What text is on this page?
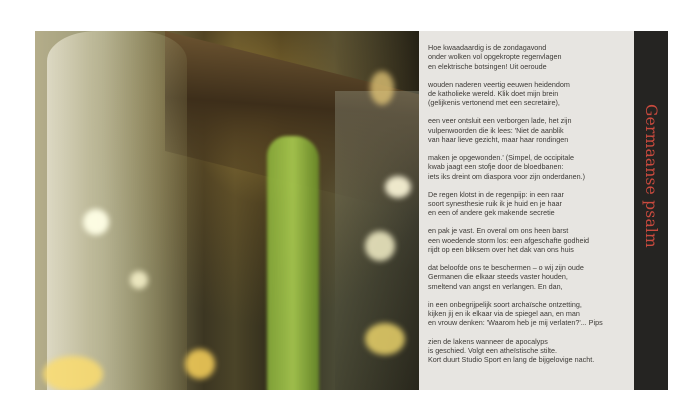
Hoe kwaadaardig is de zondagavond
onder wolken vol opgekropte regenvlagen
en elektrische botsingen! Uit oeroude
wouden naderen veertig eeuwen heidendom
de katholieke wereld. Klik doet mijn brein
(gelijkenis vertonend met een secretaire),
een veer ontsluit een verborgen lade, het zijn
vulpenwoorden die ik lees: 'Niet de aanblik
van haar lieve gezicht, maar haar rondingen
maken je opgewonden.' (Simpel, de occipitale
kwab jaagt een stofje door de bloedbanen:
iets iks dreint om diaspora voor zijn onderdanen.)
De regen klotst in de regenpijp: in een raar
soort synesthesie ruik ik je huid en je haar
en een of andere gek makende secretie
en pak je vast. En overal om ons heen barst
een woedende storm los: een afgeschafte godheid
rijdt op een bliksem over het dak van ons huis
dat beloofde ons te beschermen – o wij zijn oude
Germanen die elkaar steeds vaster houden,
smeltend van angst en verlangen. En dan,
in een onbegrijpelijk soort archaïsche ontzetting,
kijken jij en ik elkaar via de spiegel aan, en man
en vrouw denken: 'Waarom heb je mij verlaten?'... Pips
zien de lakens wanneer de apocalyps
is geschied. Volgt een atheïstische stilte.
Kort duurt Studio Sport en lang de bijgelovige nacht.
Germaanse psalm
